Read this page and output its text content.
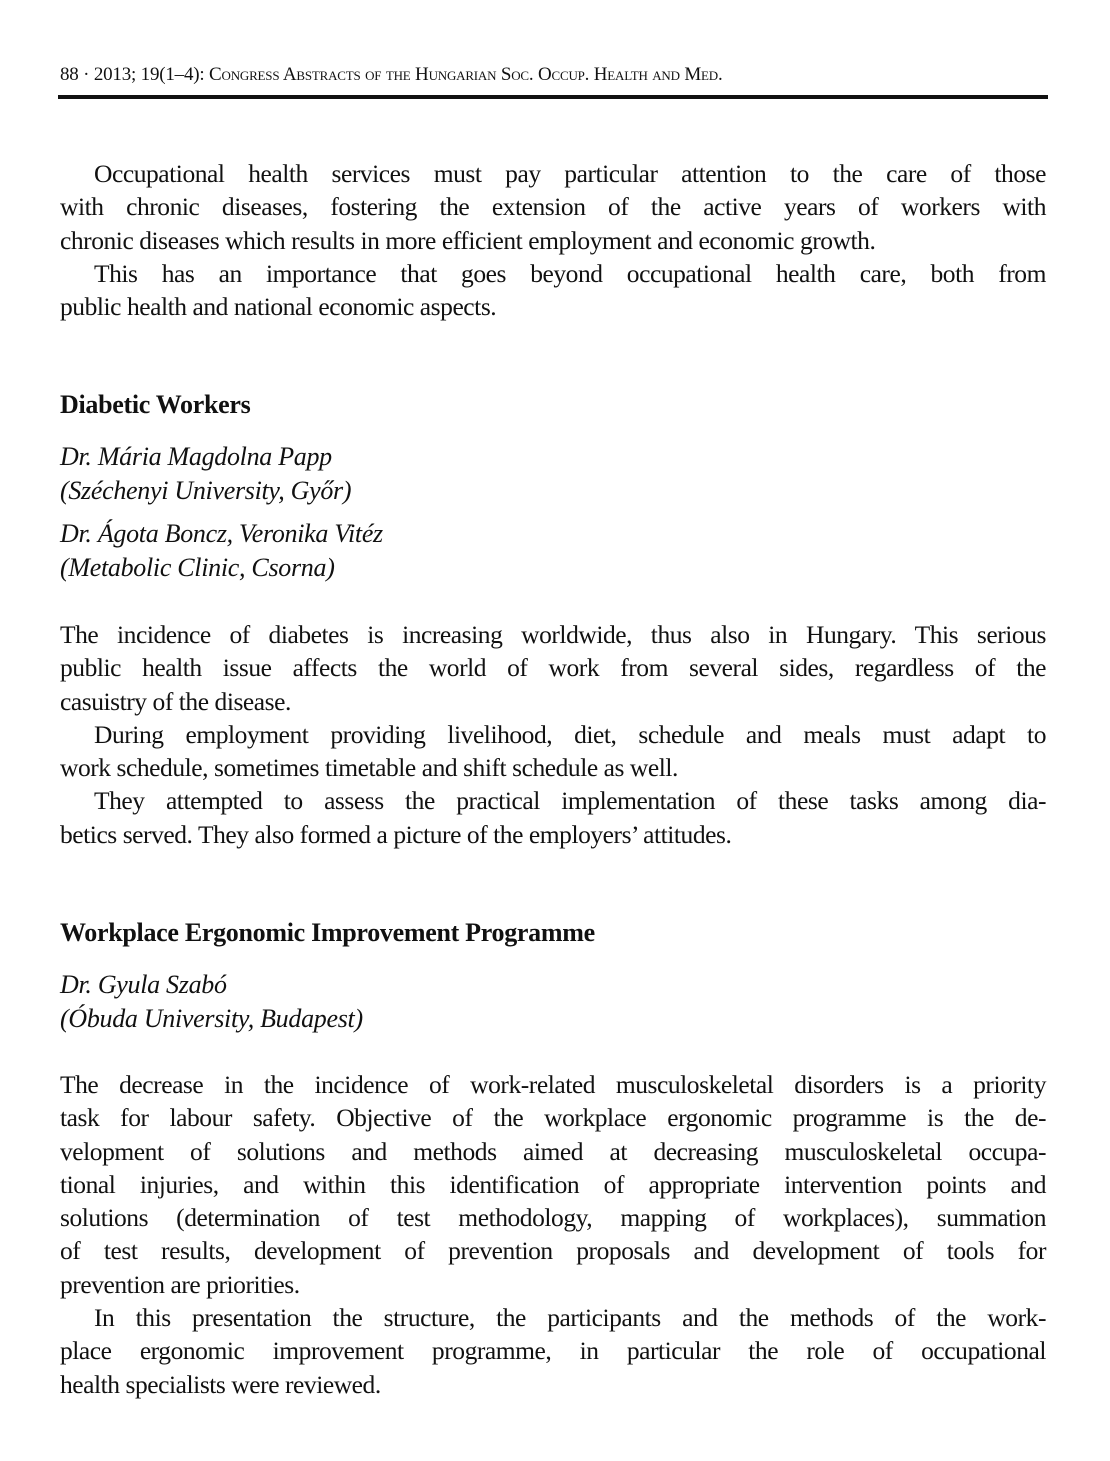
88 · 2013; 19(1–4): Congress Abstracts of the Hungarian Soc. Occup. Health and Med.
Occupational health services must pay particular attention to the care of those
with chronic diseases, fostering the extension of the active years of workers with
chronic diseases which results in more efficient employment and economic growth.
This has an importance that goes beyond occupational health care, both from
public health and national economic aspects.
Diabetic Workers
Dr. Mária Magdolna Papp
(Széchenyi University, Győr)
Dr. Ágota Boncz, Veronika Vitéz
(Metabolic Clinic, Csorna)
The incidence of diabetes is increasing worldwide, thus also in Hungary. This serious
public health issue affects the world of work from several sides, regardless of the
casuistry of the disease.
During employment providing livelihood, diet, schedule and meals must adapt to
work schedule, sometimes timetable and shift schedule as well.
They attempted to assess the practical implementation of these tasks among dia-
betics served. They also formed a picture of the employers’ attitudes.
Workplace Ergonomic Improvement Programme
Dr. Gyula Szabó
(Óbuda University, Budapest)
The decrease in the incidence of work-related musculoskeletal disorders is a priority
task for labour safety. Objective of the workplace ergonomic programme is the de-
velopment of solutions and methods aimed at decreasing musculoskeletal occupa-
tional injuries, and within this identification of appropriate intervention points and
solutions (determination of test methodology, mapping of workplaces), summation
of test results, development of prevention proposals and development of tools for
prevention are priorities.
In this presentation the structure, the participants and the methods of the work-
place ergonomic improvement programme, in particular the role of occupational
health specialists were reviewed.
